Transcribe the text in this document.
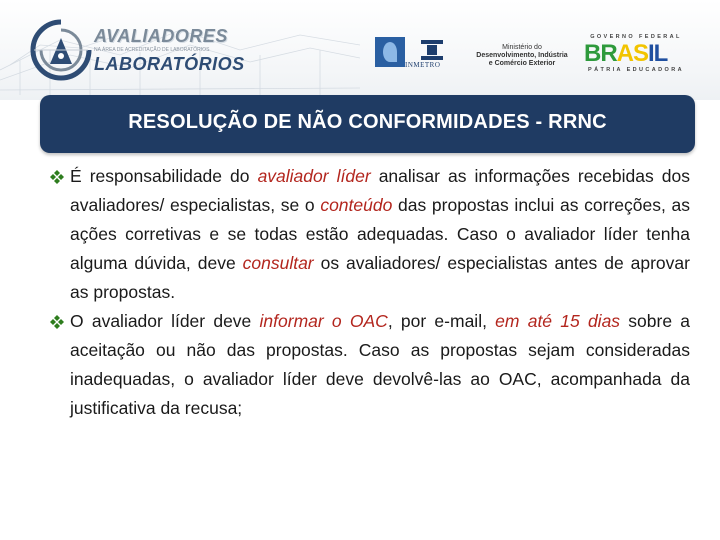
AVALIADORES
NA ÁREA DE ACREDITAÇÃO DE LABORATÓRIOS
LABORATÓRIOS	INMETRO
Ministério do
Desenvolvimento, Indústria
e Comércio Exterior
GOVERNO FEDERAL
BRASIL
PÁTRIA EDUCADORA
RESOLUÇÃO DE NÃO CONFORMIDADES - RRNC

É responsabilidade do avaliador líder analisar as informações recebidas dos avaliadores/ especialistas, se o conteúdo das propostas inclui as correções, as ações corretivas e se todas estão adequadas. Caso o avaliador líder tenha alguma dúvida, deve consultar os avaliadores/ especialistas antes de aprovar as propostas.

O avaliador líder deve informar o OAC, por e-mail, em até 15 dias sobre a aceitação ou não das propostas. Caso as propostas sejam consideradas inadequadas, o avaliador líder deve devolvê-las ao OAC, acompanhada da justificativa da recusa;
